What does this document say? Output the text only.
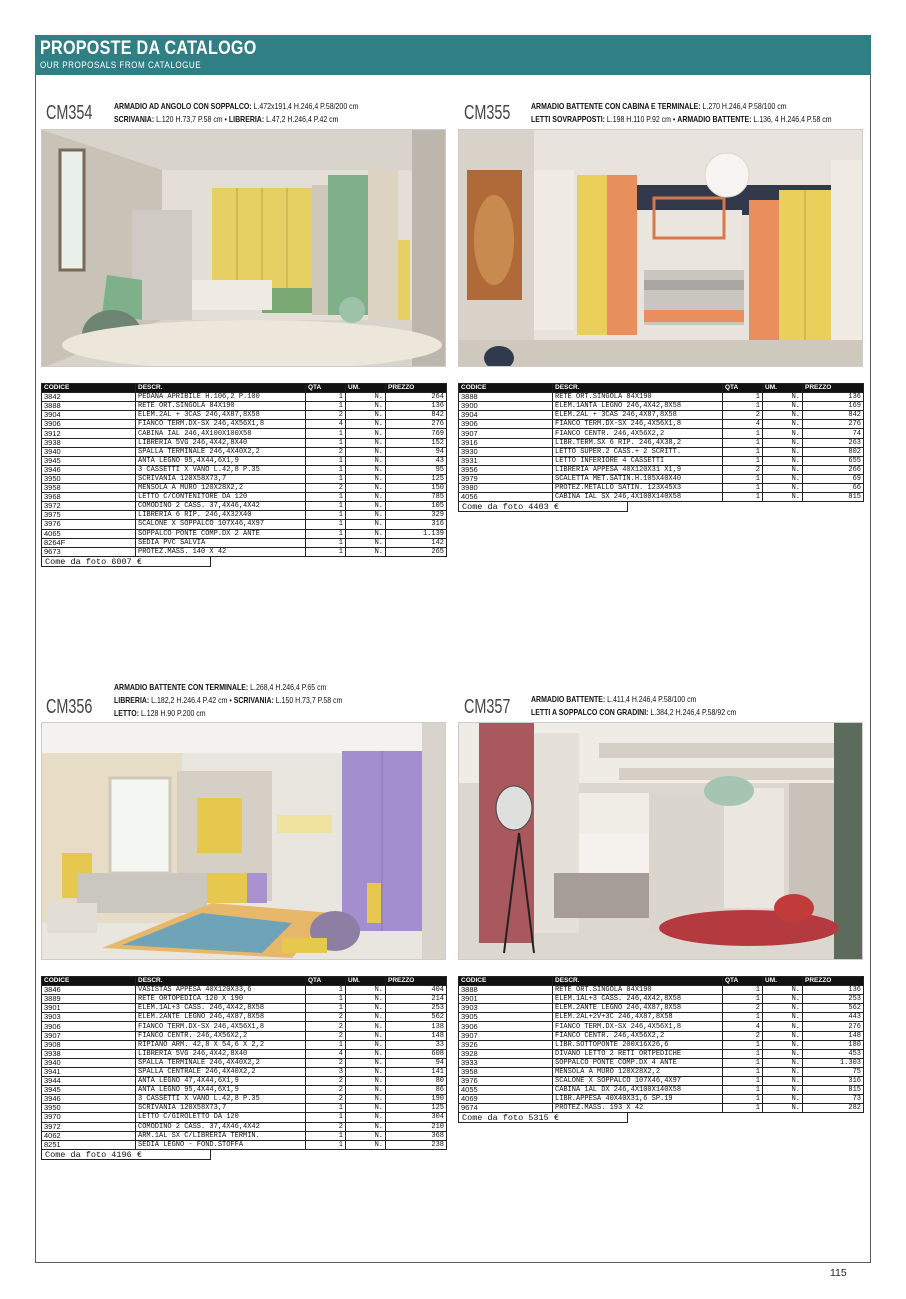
PROPOSTE DA CATALOGO
OUR PROPOSALS FROM CATALOGUE
CM354	ARMADIO AD ANGOLO CON SOPPALCO: L.472x191,4 H.246,4 P.58/200 cm
SCRIVANIA: L.120 H.73,7 P.58 cm • LIBRERIA: L.47,2 H.246,4 P.42 cm
CODICE	DESCR.	QTA	UM.	PREZZO
3842	PEDANA APRIBILE H.106,2 P.100	1	N.	264
3888	RETE ORT.SINGOLA 84X190	1	N.	136
3904	ELEM.2AL + 3CAS 246,4X87,8X58	2	N.	842
3906	FIANCO TERM.DX-SX 246,4X56X1,8	4	N.	276
3912	CABINA IAL 246,4X100X100X58	1	N.	769
3938	LIBRERIA 5VG 246,4X42,8X40	1	N.	152
3940	SPALLA TERMINALE 246,4X40X2,2	2	N.	94
3945	ANTA LEGNO 95,4X44,6X1,9	1	N.	43
3946	3 CASSETTI X VANO L.42,8 P.35	1	N.	95
3950	SCRIVANIA 120X58X73,7	1	N.	125
3958	MENSOLA A MURO 120X28X2,2	2	N.	150
3968	LETTO C/CONTENITORE DA 120	1	N.	785
3972	COMODINO 2 CASS. 37,4X46,4X42	1	N.	105
3975	LIBRERIA 6 RIP. 246,4X32X40	1	N.	329
3976	SCALONE X SOPPALCO 107X46,4X97	1	N.	316
4065	SOPPALCO PONTE COMP.DX 2 ANTE	1	N.	1.139
8264F	SEDIA PVC SALVIA	1	N.	142
9673	PROTEZ.MASS. 140 X 42	1	N.	265
CM355 ARMADIO BATTENTE CON CABINA E TERMINALE: L.270 H.246,4 P.58/100 cm
LETTI SOVRAPPOSTI: L.198 H.110 P.92 cm • ARMADIO BATTENTE: L.136, 4 H.246,4 P.58 cm
CODICE	DESCR.	QTA	UM.	PREZZO
3888	RETE ORT.SINGOLA 84X190	1	N.	136
3900	ELEM.1ANTA LEGNO 246,4X42,8X58	1	N.	169
3904	ELEM.2AL + 3CAS 246,4X87,8X58	2	N.	842
3906	FIANCO TERM.DX-SX 246,4X56X1,8	4	N.	276
3907	FIANCO CENTR. 246,4X56X2,2	1	N.	74
3916	LIBR.TERM.SX 6 RIP. 246,4X38,2	1	N.	263
3930	LETTO SUPER.2 CASS.+ 2 SCRITT.	1	N.	802
3931	LETTO INFERIORE 4 CASSETTI	1	N.	655
3956	LIBRERIA APPESA 40X120X31 X1,9	2	N.	266
3979	SCALETTA MET.SATIN.H.105X40X40	1	N.	69
3980	PROTEZ.METALLO SATIN. 123X45X3	1	N.	66
4056	CABINA IAL SX 246,4X100X140X58	1	N.	815
CM356
ARMADIO BATTENTE CON TERMINALE: L.268,4 H.246,4 P.65 cm
LIBRERIA: L.182,2 H.246.4 P.42 cm • SCRIVANIA: L.150 H.73,7 P.58 cm
LETTO: L.128 H.90 P.200 cm
CODICE	DESCR.	QTA	UM.	PREZZO
3846	VASISTAS APPESA 40X120X33,6	1	N.	404
3889	RETE ORTOPEDICA 120 X 190	1	N.	214
3901	ELEM.1AL+3 CASS. 246,4X42,8X58	1	N.	253
3903	ELEM.2ANTE LEGNO 246,4X87,8X58	2	N.	562
3906	FIANCO TERM.DX-SX 246,4X56X1,8	2	N.	138
3907	FIANCO CENTR. 246,4X56X2,2	2	N.	148
3908	RIPIANO ARM. 42,8 X 54,6 X 2,2	1	N.	33
3938	LIBRERIA 5VG 246,4X42,8X40	4	N.	608
3940	SPALLA TERMINALE 246,4X40X2,2	2	N.	94
3941	SPALLA CENTRALE 246,4X40X2,2	3	N.	141
3944	ANTA LEGNO 47,4X44,6X1,9	2	N.	80
3945	ANTA LEGNO 95,4X44,6X1,9	2	N.	86
3946	3 CASSETTI X VANO L.42,8 P.35	2	N.	190
3950	SCRIVANIA 120X58X73,7	1	N.	125
3970	LETTO C/GIROLETTO DA 120	1	N.	304
3972	COMODINO 2 CASS. 37,4X46,4X42	2	N.	210
4062	ARM.1AL SX C/LIBRERIA TERMIN.	1	N.	368
8251	SEDIA LEGNO - FOND.STOFFA	1	N.	238
CM357 ARMADIO BATTENTE: L.411,4 H.246,4 P.58/100 cm
LETTI A SOPPALCO CON GRADINI: L.384,2 H.246,4 P.58/92 cm
CODICE	DESCR.	QTA	UM.	PREZZO
3888	RETE ORT.SINGOLA 84X190	1	N.	136
3901	ELEM.1AL+3 CASS. 246,4X42,8X58	1	N.	253
3903	ELEM.2ANTE LEGNO 246,4X87,8X58	2	N.	562
3905	ELEM.2AL+2V+3C 246,4X87,8X58	1	N.	443
3906	FIANCO TERM.DX-SX 246,4X56X1,8	4	N.	276
3907	FIANCO CENTR. 246,4X56X2,2	2	N.	148
3926	LIBR.SOTTOPONTE 200X16X26,6	1	N.	180
3928	DIVANO LETTO 2 RETI ORTPEDICHE	1	N.	453
3933	SOPPALCO PONTE COMP.DX 4 ANTE	1	N.	1.303
3958	MENSOLA A MURO 120X28X2,2	1	N.	75
3976	SCALONE X SOPPALCO 107X46,4X97	1	N.	316
4055	CABINA 1AL DX 246,4X100X140X58	1	N.	815
4069	LIBR.APPESA 40X40X31,6 SP.19	1	N.	73
9674	PROTEZ.MASS. 193 X 42	1	N.	282
115
Come da foto 6007 €
Come da foto 4403 €
Come da foto 4196 €
Come da foto 5315 €
